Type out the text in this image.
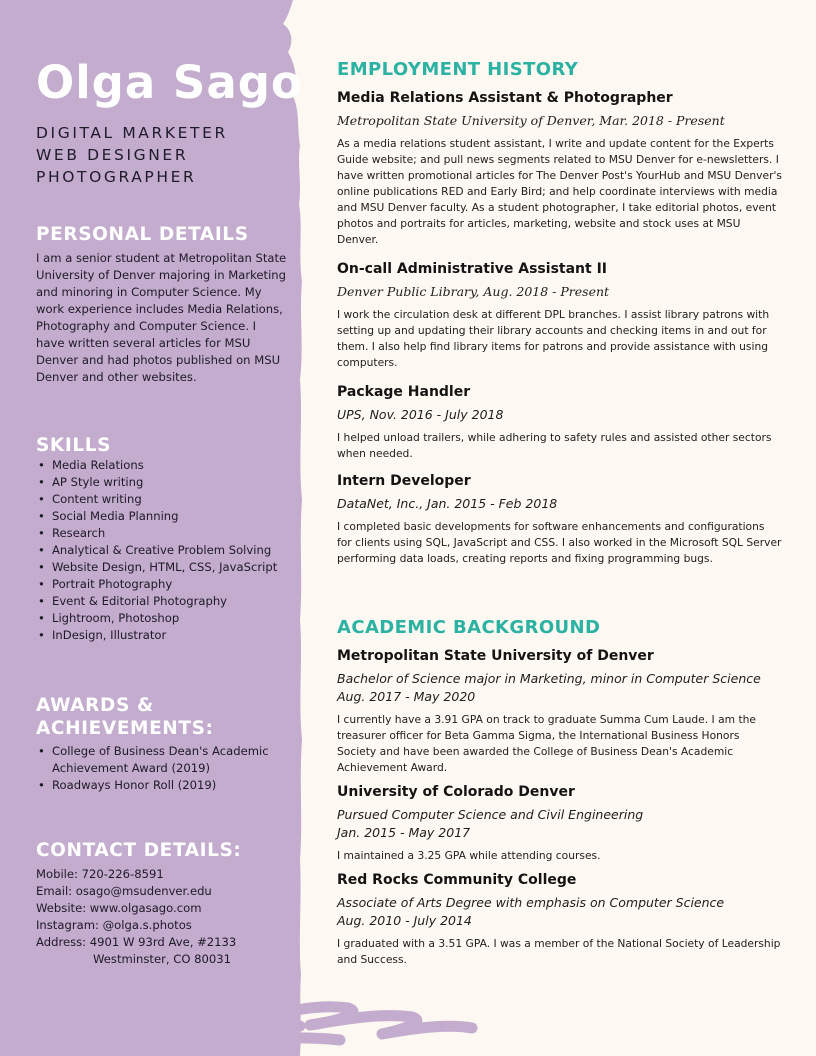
Olga Sago
DIGITAL MARKETER
WEB DESIGNER
PHOTOGRAPHER
PERSONAL DETAILS

I am a senior student at Metropolitan State University of Denver majoring in Marketing and minoring in Computer Science. My work experience includes Media Relations, Photography and Computer Science. I have written several articles for MSU Denver and had photos published on MSU Denver and other websites.

SKILLS
• Media Relations
• AP Style writing
• Content writing
• Social Media Planning
• Research
• Analytical & Creative Problem Solving
• Website Design, HTML, CSS, JavaScript
• Portrait Photography
• Event & Editorial Photography
• Lightroom, Photoshop
• InDesign, Illustrator
AWARDS &
ACHIEVEMENTS:
• College of Business Dean's Academic Achievement Award (2019)
• Roadways Honor Roll (2019)
CONTACT DETAILS:
Mobile: 720-226-8591
Email: osago@msudenver.edu
Website: www.olgasago.com
Instagram: @olga.s.photos
Address: 4901 W 93rd Ave, #2133
Westminster, CO 80031
EMPLOYMENT HISTORY
Media Relations Assistant & Photographer

Metropolitan State University of Denver, Mar. 2018 - Present

As a media relations student assistant, I write and update content for the Experts Guide website; and pull news segments related to MSU Denver for e-newsletters. I have written promotional articles for The Denver Post's YourHub and MSU Denver's online publications RED and Early Bird; and help coordinate interviews with media and MSU Denver faculty. As a student photographer, I take editorial photos, event photos and portraits for articles, marketing, website and stock uses at MSU Denver.

On-call Administrative Assistant II

Denver Public Library, Aug. 2018 - Present

I work the circulation desk at different DPL branches. I assist library patrons with setting up and updating their library accounts and checking items in and out for them. I also help find library items for patrons and provide assistance with using computers.

Package Handler

UPS, Nov. 2016 - July 2018

I helped unload trailers, while adhering to safety rules and assisted other sectors when needed.

Intern Developer

DataNet, Inc., Jan. 2015 - Feb 2018

I completed basic developments for software enhancements and configurations for clients using SQL, JavaScript and CSS. I also worked in the Microsoft SQL Server performing data loads, creating reports and fixing programming bugs.

ACADEMIC BACKGROUND
Metropolitan State University of Denver

Bachelor of Science major in Marketing, minor in Computer Science

Aug. 2017 - May 2020

I currently have a 3.91 GPA on track to graduate Summa Cum Laude. I am the treasurer officer for Beta Gamma Sigma, the International Business Honors Society and have been awarded the College of Business Dean's Academic Achievement Award.

University of Colorado Denver

Pursued Computer Science and Civil Engineering

Jan. 2015 - May 2017

I maintained a 3.25 GPA while attending courses.

Red Rocks Community College

Associate of Arts Degree with emphasis on Computer Science

Aug. 2010 - July 2014

I graduated with a 3.51 GPA. I was a member of the National Society of Leadership and Success.
